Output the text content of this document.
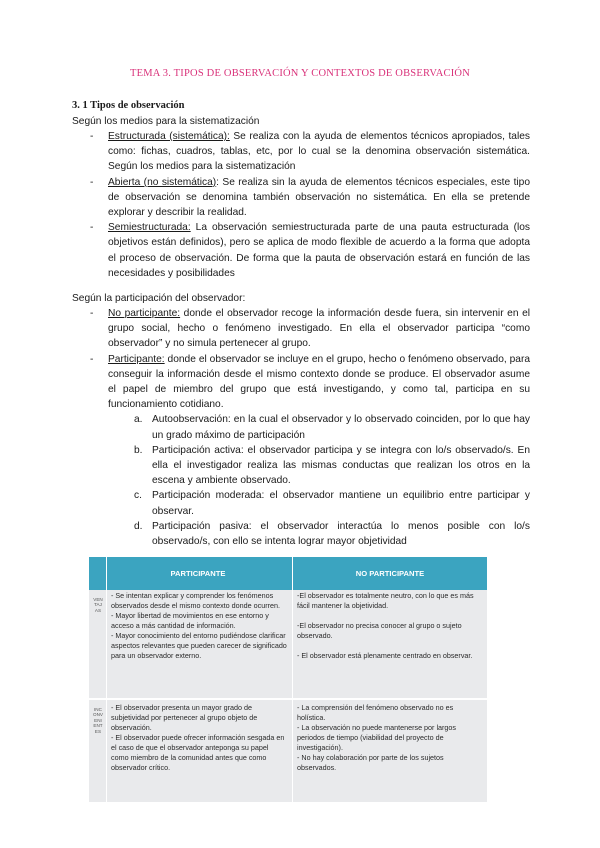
TEMA 3. TIPOS DE OBSERVACIÓN Y CONTEXTOS DE OBSERVACIÓN
3. 1 Tipos de observación
Según los medios para la sistematización
- Estructurada (sistemática): Se realiza con la ayuda de elementos técnicos apropiados, tales como: fichas, cuadros, tablas, etc, por lo cual se la denomina observación sistemática. Según los medios para la sistematización
- Abierta (no sistemática): Se realiza sin la ayuda de elementos técnicos especiales, este tipo de observación se denomina también observación no sistemática. En ella se pretende explorar y describir la realidad.
- Semiestructurada: La observación semiestructurada parte de una pauta estructurada (los objetivos están definidos), pero se aplica de modo flexible de acuerdo a la forma que adopta el proceso de observación. De forma que la pauta de observación estará en función de las necesidades y posibilidades
Según la participación del observador:
- No participante: donde el observador recoge la información desde fuera, sin intervenir en el grupo social, hecho o fenómeno investigado. En ella el observador participa “como observador” y no simula pertenecer al grupo.
- Participante: donde el observador se incluye en el grupo, hecho o fenómeno observado, para conseguir la información desde el mismo contexto donde se produce. El observador asume el papel de miembro del grupo que está investigando, y como tal, participa en su funcionamiento cotidiano.
a. Autoobservación: en la cual el observador y lo observado coinciden, por lo que hay un grado máximo de participación
b. Participación activa: el observador participa y se integra con lo/s observado/s. En ella el investigador realiza las mismas conductas que realizan los otros en la escena y ambiente observado.
c. Participación moderada: el observador mantiene un equilibrio entre participar y observar.
d. Participación pasiva: el observador interactúa lo menos posible con lo/s observado/s, con ello se intenta lograr mayor objetividad
PARTICIPANTE	NO PARTICIPANTE
VENTAJAS
INCONVENIENTES
- Se intentan explicar y comprender los fenómenos observados desde el mismo contexto donde ocurren.
- Mayor libertad de movimientos en ese entorno y acceso a más cantidad de información.
- Mayor conocimiento del entorno pudiéndose clarificar aspectos relevantes que pueden carecer de significado para un observador externo.
-El observador es totalmente neutro, con lo que es más fácil mantener la objetividad.

-El observador no precisa conocer al grupo o sujeto observado.

- El observador está plenamente centrado en observar.
- El observador presenta un mayor grado de subjetividad por pertenecer al grupo objeto de observación.
- El observador puede ofrecer información sesgada en el caso de que el observador anteponga su papel como miembro de la comunidad antes que como observador crítico.
- La comprensión del fenómeno observado no es holística.
- La observación no puede mantenerse por largos periodos de tiempo (viabilidad del proyecto de investigación).
- No hay colaboración por parte de los sujetos observados.
